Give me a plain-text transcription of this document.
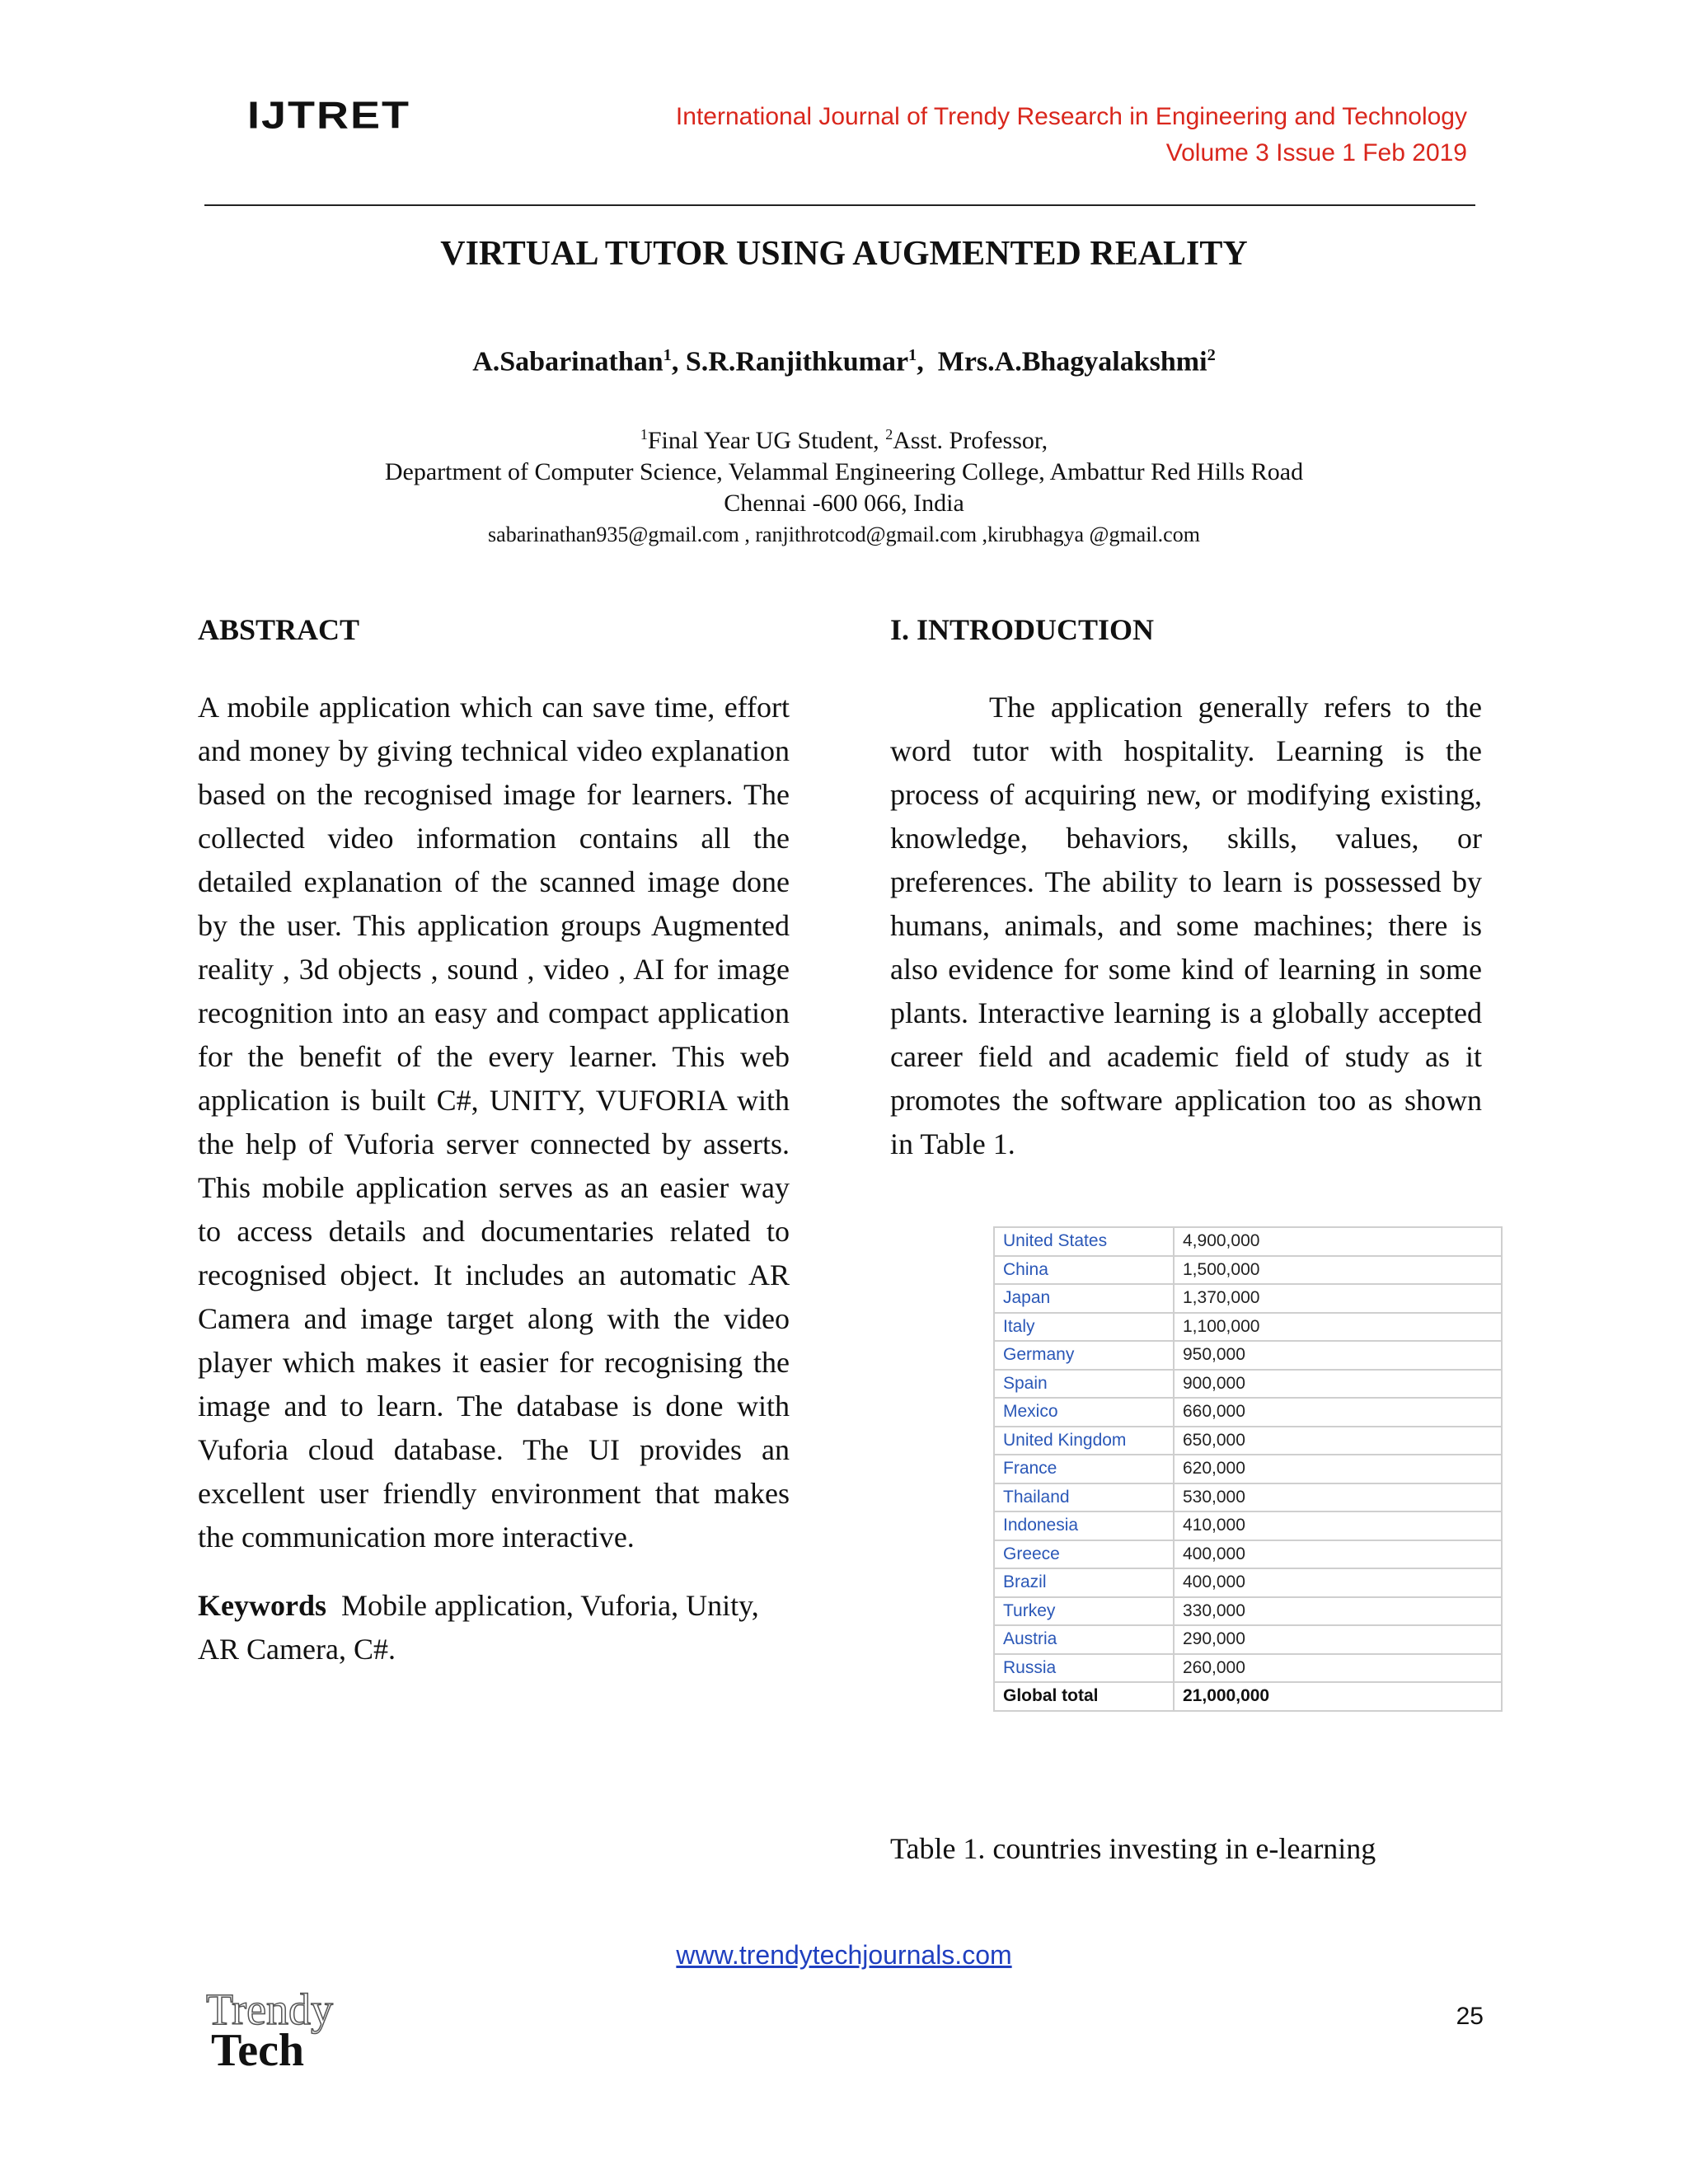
IJTRET	International Journal of Trendy Research in Engineering and Technology
Volume 3 Issue 1 Feb 2019
VIRTUAL TUTOR USING AUGMENTED REALITY
A.Sabarinathan$^1$, S.R.Ranjithkumar$^1$,  Mrs.A.Bhagyalakshmi$^2$
$^1$Final Year UG Student, $^2$Asst. Professor,
Department of Computer Science, Velammal Engineering College, Ambattur Red Hills Road
Chennai -600 066, India
sabarinathan935@gmail.com , ranjithrotcod@gmail.com ,kirubhagya @gmail.com
ABSTRACT
A mobile application which can save time, effort and money by giving technical video explanation based on the recognised image for learners. The collected video information contains all the detailed explanation of the scanned image done by the user. This application groups Augmented reality , 3d objects , sound , video , AI for image recognition into an easy and compact application for the benefit of the every learner. This web application is built C#, UNITY, VUFORIA with the help of Vuforia server connected by asserts. This mobile application serves as an easier way to access details and documentaries related to recognised object. It includes an automatic AR Camera and image target along with the video player which makes it easier for recognising the image and to learn. The database is done with Vuforia cloud database. The UI provides an excellent user friendly environment that makes the communication more interactive.
Keywords Mobile application, Vuforia, Unity, AR Camera, C#.
I. INTRODUCTION
The application generally refers to the word tutor with hospitality. Learning is the process of acquiring new, or modifying existing, knowledge, behaviors, skills, values, or preferences. The ability to learn is possessed by humans, animals, and some machines; there is also evidence for some kind of learning in some plants. Interactive learning is a globally accepted career field and academic field of study as it promotes the software application too as shown in Table 1.
United States	4,900,000
China	1,500,000
Japan	1,370,000
Italy	1,100,000
Germany	950,000
Spain	900,000
Mexico	660,000
United Kingdom	650,000
France	620,000
Thailand	530,000
Indonesia	410,000
Greece	400,000
Brazil	400,000
Turkey	330,000
Austria	290,000
Russia	260,000
Global total	21,000,000
Table 1. countries investing in e-learning
www.trendytechjournals.com
Trendy
Tech
25
